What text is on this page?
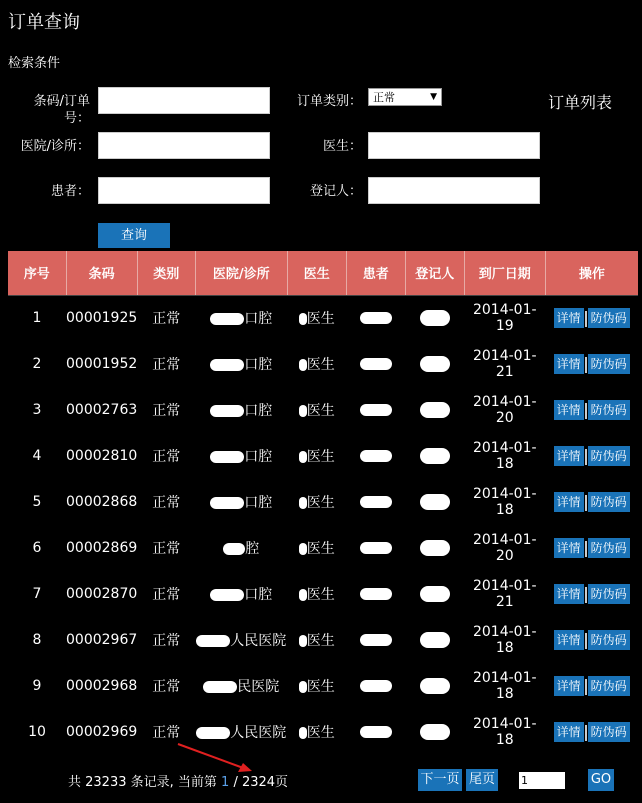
订单查询
检索条件
订单列表
条码/订单号：
医院/诊所：
患者：
订单类别：	正常	▼
医生：
登记人：
查询
序号	条码	类别	医院/诊所	医生	患者	登记人	到厂日期	操作
1	00001925	正常	口腔	医生			2014-01-19	详情 防伪码
2	00001952	正常	口腔	医生			2014-01-21	详情 防伪码
3	00002763	正常	口腔	医生			2014-01-20	详情 防伪码
4	00002810	正常	口腔	医生			2014-01-18	详情 防伪码
5	00002868	正常	口腔	医生			2014-01-18	详情 防伪码
6	00002869	正常	腔	医生			2014-01-20	详情 防伪码
7	00002870	正常	口腔	医生			2014-01-21	详情 防伪码
8	00002967	正常	人民医院	医生			2014-01-18	详情 防伪码
9	00002968	正常	民医院	医生			2014-01-18	详情 防伪码
10	00002969	正常	人民医院	医生			2014-01-18	详情 防伪码
共 23233 条记录, 当前第 1 / 2324页	下一页 尾页 1	GO
